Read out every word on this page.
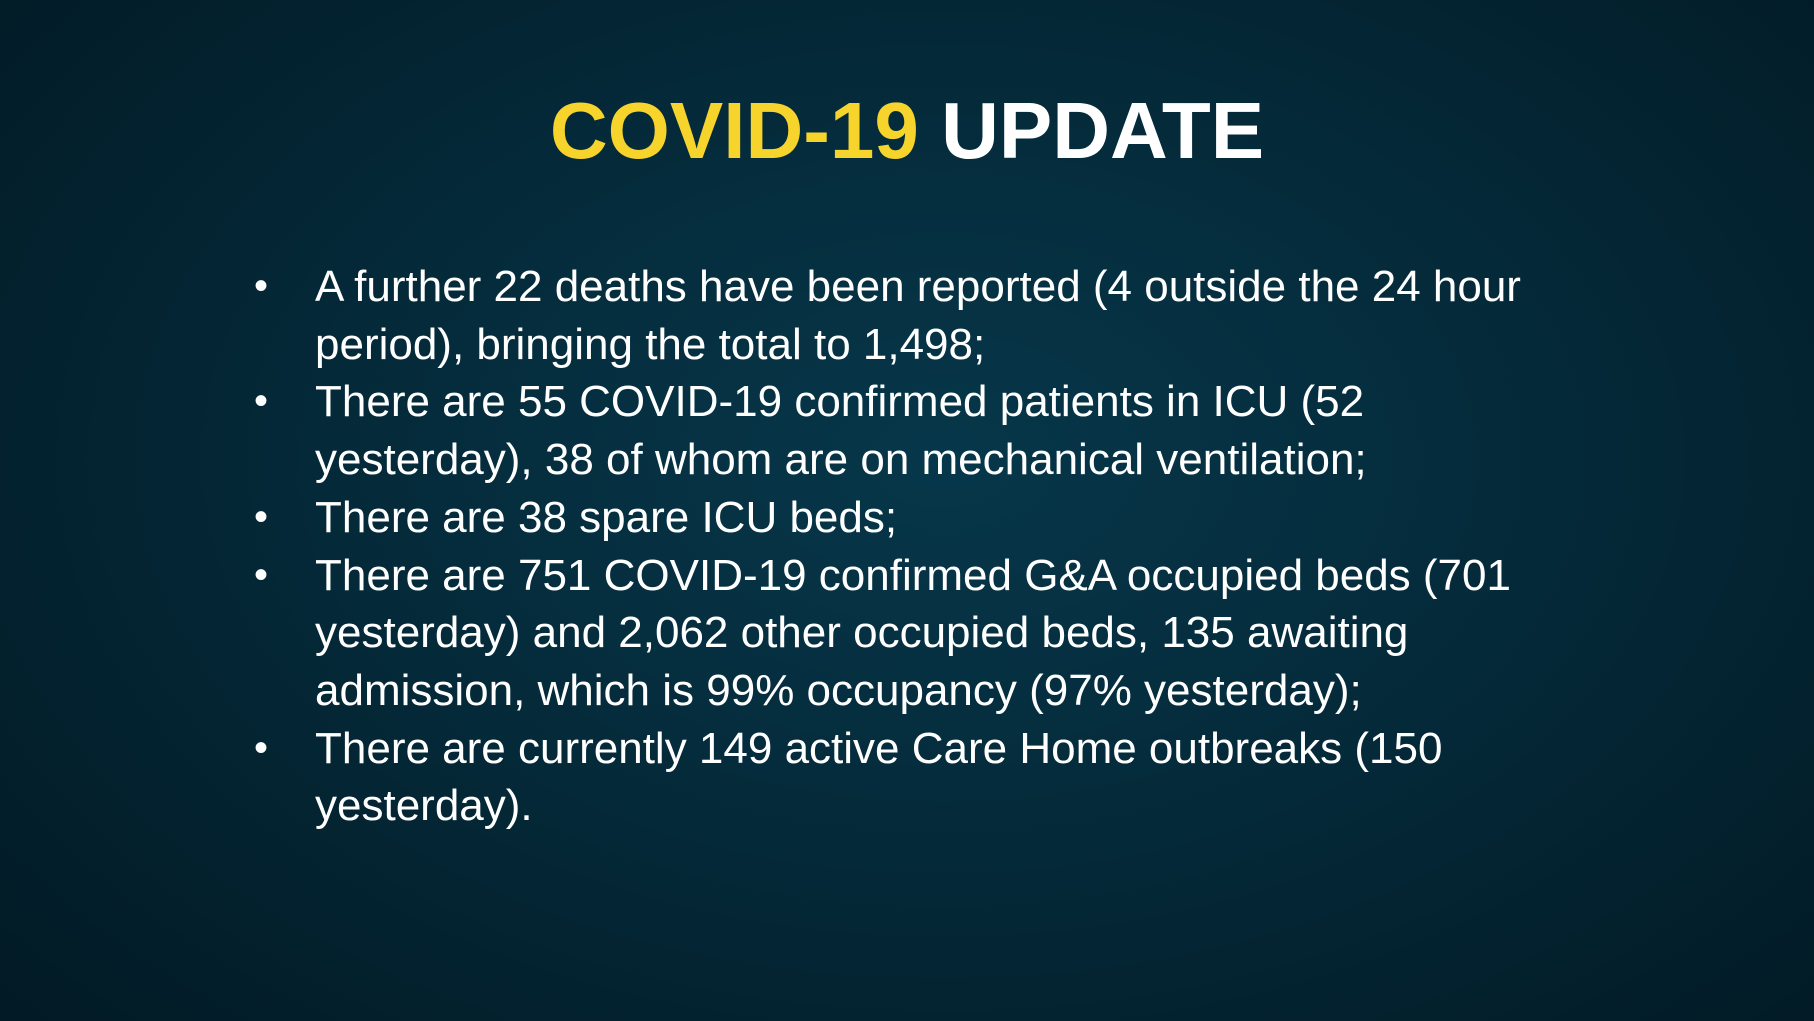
COVID-19 UPDATE
• A further 22 deaths have been reported (4 outside the 24 hour period), bringing the total to 1,498;
• There are 55 COVID-19 confirmed patients in ICU (52 yesterday), 38 of whom are on mechanical ventilation;
• There are 38 spare ICU beds;
• There are 751 COVID-19 confirmed G&A occupied beds (701 yesterday) and 2,062 other occupied beds, 135 awaiting admission, which is 99% occupancy (97% yesterday);
• There are currently 149 active Care Home outbreaks (150 yesterday).
